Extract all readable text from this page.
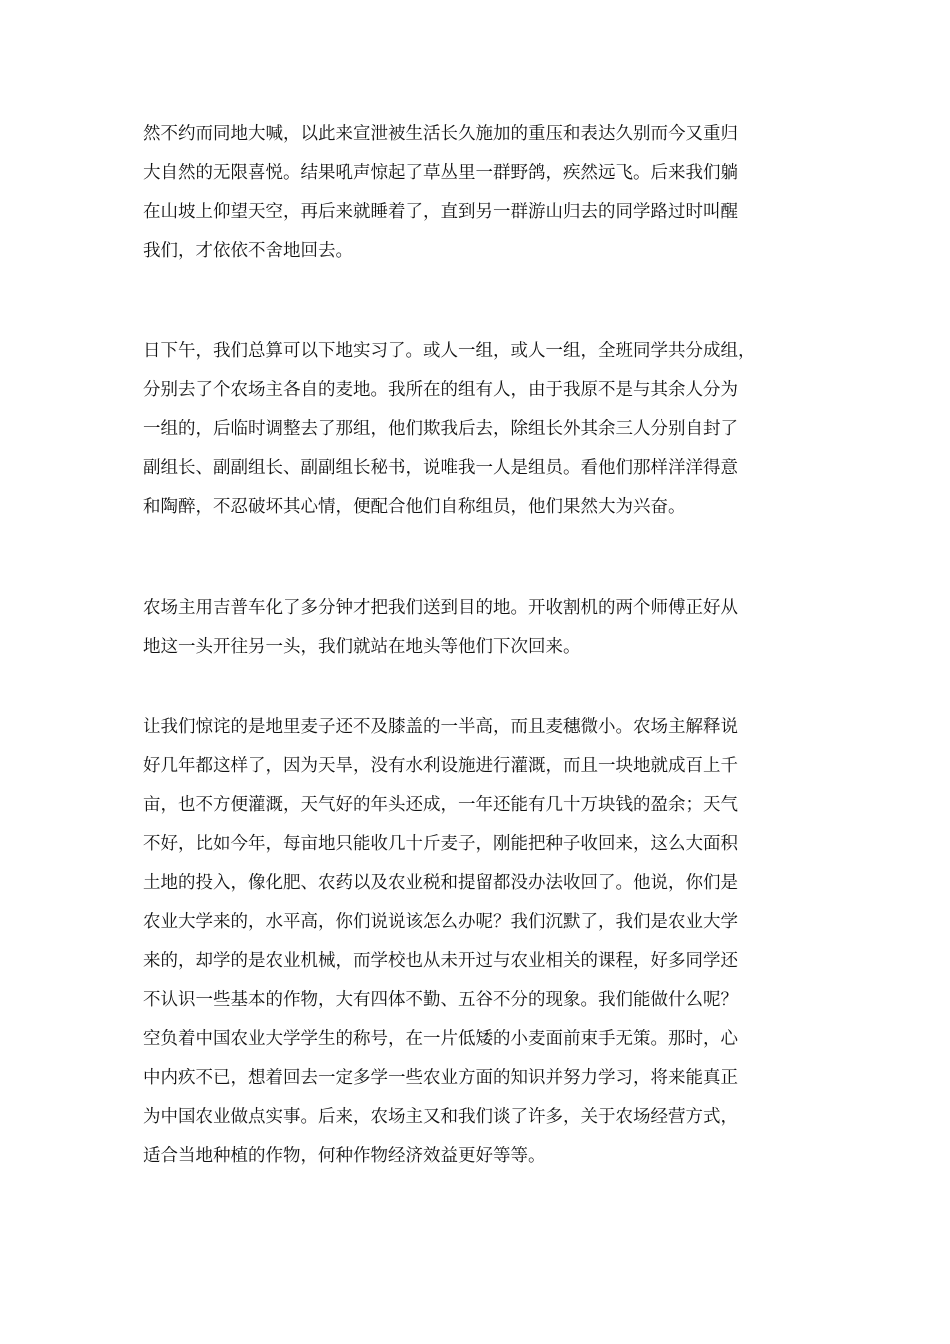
然不约而同地大喊，以此来宣泄被生活长久施加的重压和表达久别而今又重归
大自然的无限喜悦。结果吼声惊起了草丛里一群野鸽，疾然远飞。后来我们躺
在山坡上仰望天空，再后来就睡着了，直到另一群游山归去的同学路过时叫醒
我们，才依依不舍地回去。

日下午，我们总算可以下地实习了。或人一组，或人一组，全班同学共分成组，
分别去了个农场主各自的麦地。我所在的组有人，由于我原不是与其余人分为
一组的，后临时调整去了那组，他们欺我后去，除组长外其余三人分别自封了
副组长、副副组长、副副组长秘书，说唯我一人是组员。看他们那样洋洋得意
和陶醉，不忍破坏其心情，便配合他们自称组员，他们果然大为兴奋。

农场主用吉普车化了多分钟才把我们送到目的地。开收割机的两个师傅正好从
地这一头开往另一头，我们就站在地头等他们下次回来。

让我们惊诧的是地里麦子还不及膝盖的一半高，而且麦穗微小。农场主解释说
好几年都这样了，因为天旱，没有水利设施进行灌溉，而且一块地就成百上千
亩，也不方便灌溉，天气好的年头还成，一年还能有几十万块钱的盈余；天气
不好，比如今年，每亩地只能收几十斤麦子，刚能把种子收回来，这么大面积
土地的投入，像化肥、农药以及农业税和提留都没办法收回了。他说，你们是
农业大学来的，水平高，你们说说该怎么办呢？我们沉默了，我们是农业大学
来的，却学的是农业机械，而学校也从未开过与农业相关的课程，好多同学还
不认识一些基本的作物，大有四体不勤、五谷不分的现象。我们能做什么呢？
空负着中国农业大学学生的称号，在一片低矮的小麦面前束手无策。那时，心
中内疚不已，想着回去一定多学一些农业方面的知识并努力学习，将来能真正
为中国农业做点实事。后来，农场主又和我们谈了许多，关于农场经营方式，
适合当地种植的作物，何种作物经济效益更好等等。
